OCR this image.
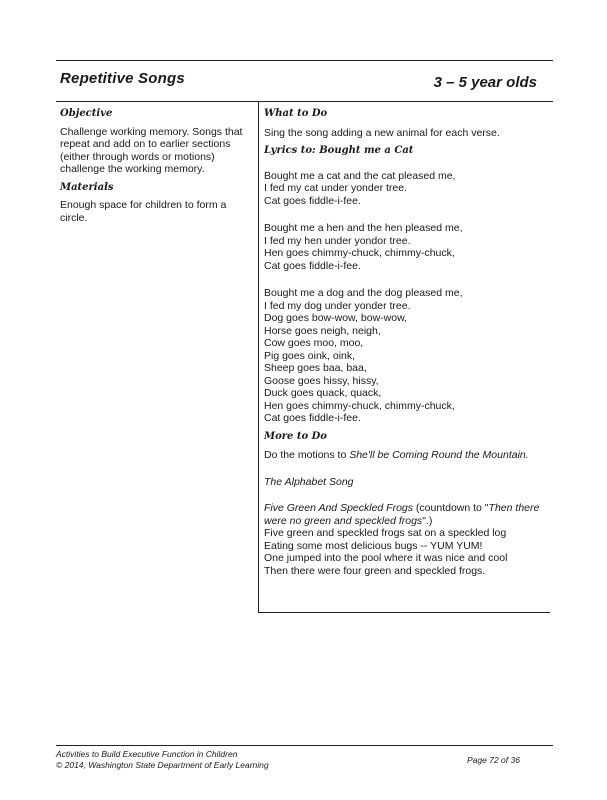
Repetitive Songs	3 – 5 year olds
Objective

Challenge working memory. Songs that repeat and add on to earlier sections (either through words or motions) challenge the working memory.

Materials

Enough space for children to form a circle.

What to Do

Sing the song adding a new animal for each verse.

Lyrics to: Bought me a Cat

Bought me a cat and the cat pleased me,

I fed my cat under yonder tree.

Cat goes fiddle-i-fee.

Bought me a hen and the hen pleased me,

I fed my hen under yondor tree.

Hen goes chimmy-chuck, chimmy-chuck,

Cat goes fiddle-i-fee.

Bought me a dog and the dog pleased me,

I fed my dog under yonder tree.

Dog goes bow-wow, bow-wow,

Horse goes neigh, neigh,

Cow goes moo, moo,

Pig goes oink, oink,

Sheep goes baa, baa,

Goose goes hissy, hissy,

Duck goes quack, quack,

Hen goes chimmy-chuck, chimmy-chuck,

Cat goes fiddle-i-fee.

More to Do

Do the motions to She'll be Coming Round the Mountain.

The Alphabet Song

Five Green And Speckled Frogs (countdown to "Then there were no green and speckled frogs".)

Five green and speckled frogs sat on a speckled log

Eating some most delicious bugs -- YUM YUM!

One jumped into the pool where it was nice and cool

Then there were four green and speckled frogs.

Activities to Build Executive Function in Children
© 2014, Washington State Department of Early Learning	Page 72 of 36
